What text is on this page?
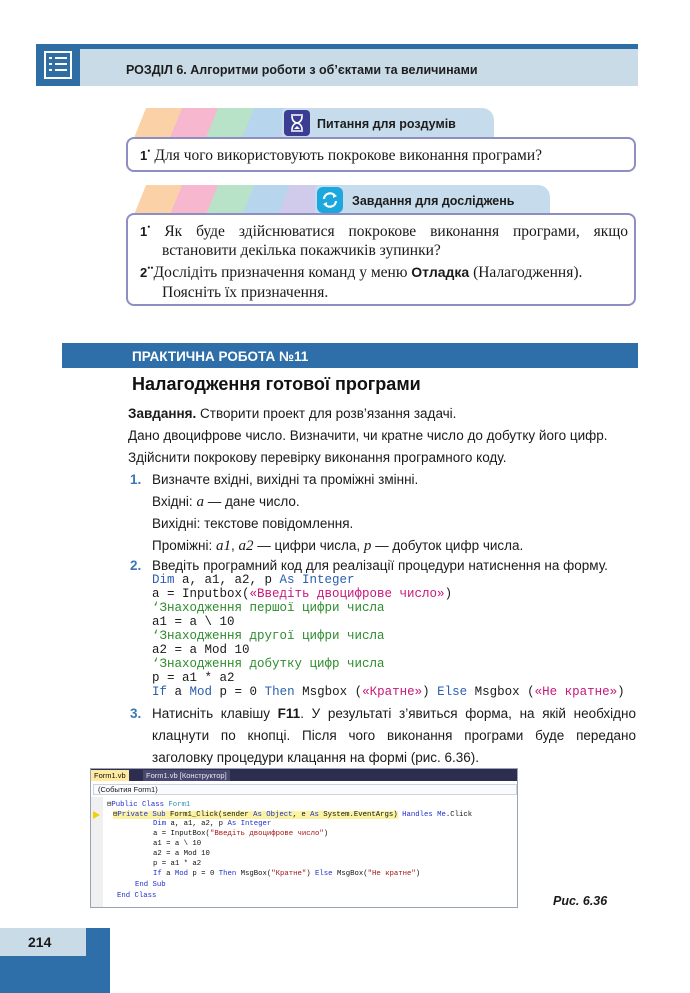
РОЗДІЛ 6. Алгоритми роботи з об’єктами та величинами
Питання для роздумів
1• Для чого використовують покрокове виконання програми?
Завдання для досліджень
1• Як буде здійснюватися покрокове виконання програми, якщо
встановити декілька покажчиків зупинки?
2••Дослідіть призначення команд у меню Отладка (Налагодження).
Поясніть їх призначення.
ПРАКТИЧНА РОБОТА №11
Налагодження готової програми
Завдання. Створити проект для розв’язання задачі.
Дано двоцифрове число. Визначити, чи кратне число до добутку його цифр.
Здійснити покрокову перевірку виконання програмного коду.
1. Визначте вхідні, вихідні та проміжні змінні.
Вхідні: a — дане число.
Вихідні: текстове повідомлення.
Проміжні: a1, a2 — цифри числа, p — добуток цифр числа.
2. Введіть програмний код для реалізації процедури натиснення на форму.
Dim a, a1, a2, p As Integer
a = Inputbox(«Введіть двоцифрове число»)
‘Знаходження першої цифри числа
a1 = a \ 10
‘Знаходження другої цифри числа
a2 = a Mod 10
‘Знаходження добутку цифр числа
p = a1 * a2
If a Mod p = 0 Then Msgbox («Кратне») Else Msgbox («Не кратне»)
3. Натисніть клавішу F11. У результаті з’явиться форма, на якій необхідно
клацнути по кнопці. Після чого виконання програми буде передано
заголовку процедури клацання на формі (рис. 6.36).
Form1.vb	Form1.vb [Конструктор]
(События Form1)
⊟Public Class Form1
⊟Private Sub Form1_Click(sender As Object, e As System.EventArgs) Handles Me.Click
Dim a, a1, a2, p As Integer
a = InputBox("Введіть двоцифрове число")
a1 = a \ 10
a2 = a Mod 10
p = a1 * a2
If a Mod p = 0 Then MsgBox("Кратне") Else MsgBox("Не кратне")
End Sub
End Class	Рис. 6.36
214
